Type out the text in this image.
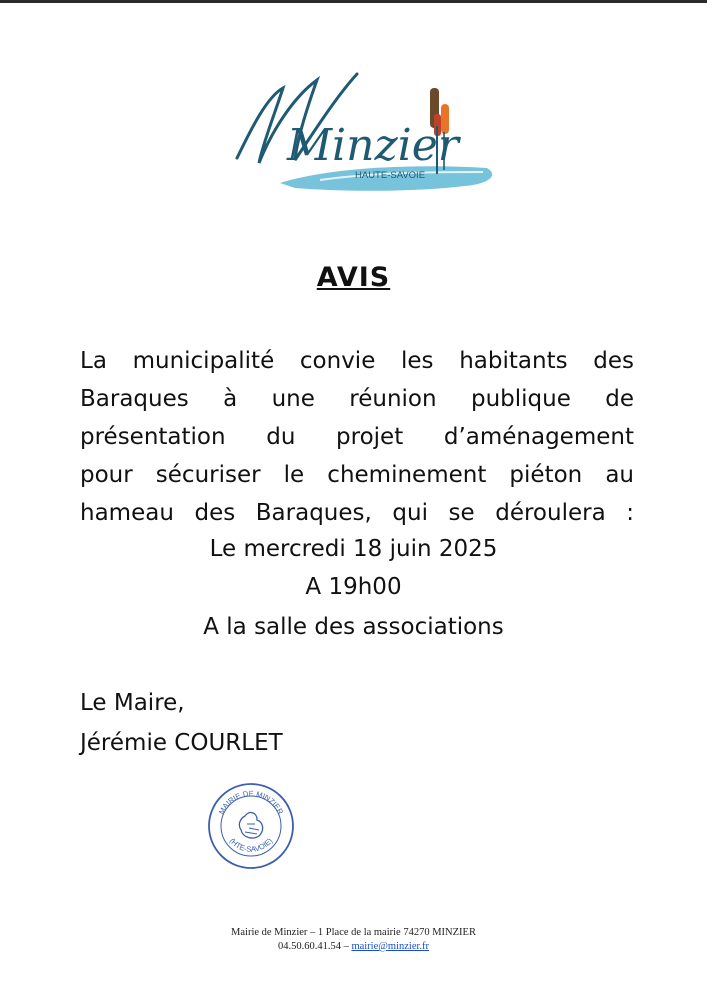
Minzier
HAUTE-SAVOIE
AVIS
La municipalité convie les habitants des
Baraques à une réunion publique de
présentation du projet d’aménagement
pour sécuriser le cheminement piéton au
hameau des Baraques, qui se déroulera :
Le mercredi 18 juin 2025
A 19h00
A la salle des associations
Le Maire,
Jérémie COURLET
MAIRIE DE MINZIER
(HTE-SAVOIE)
Mairie de Minzier – 1 Place de la mairie 74270 MINZIER
04.50.60.41.54 – mairie@minzier.fr
